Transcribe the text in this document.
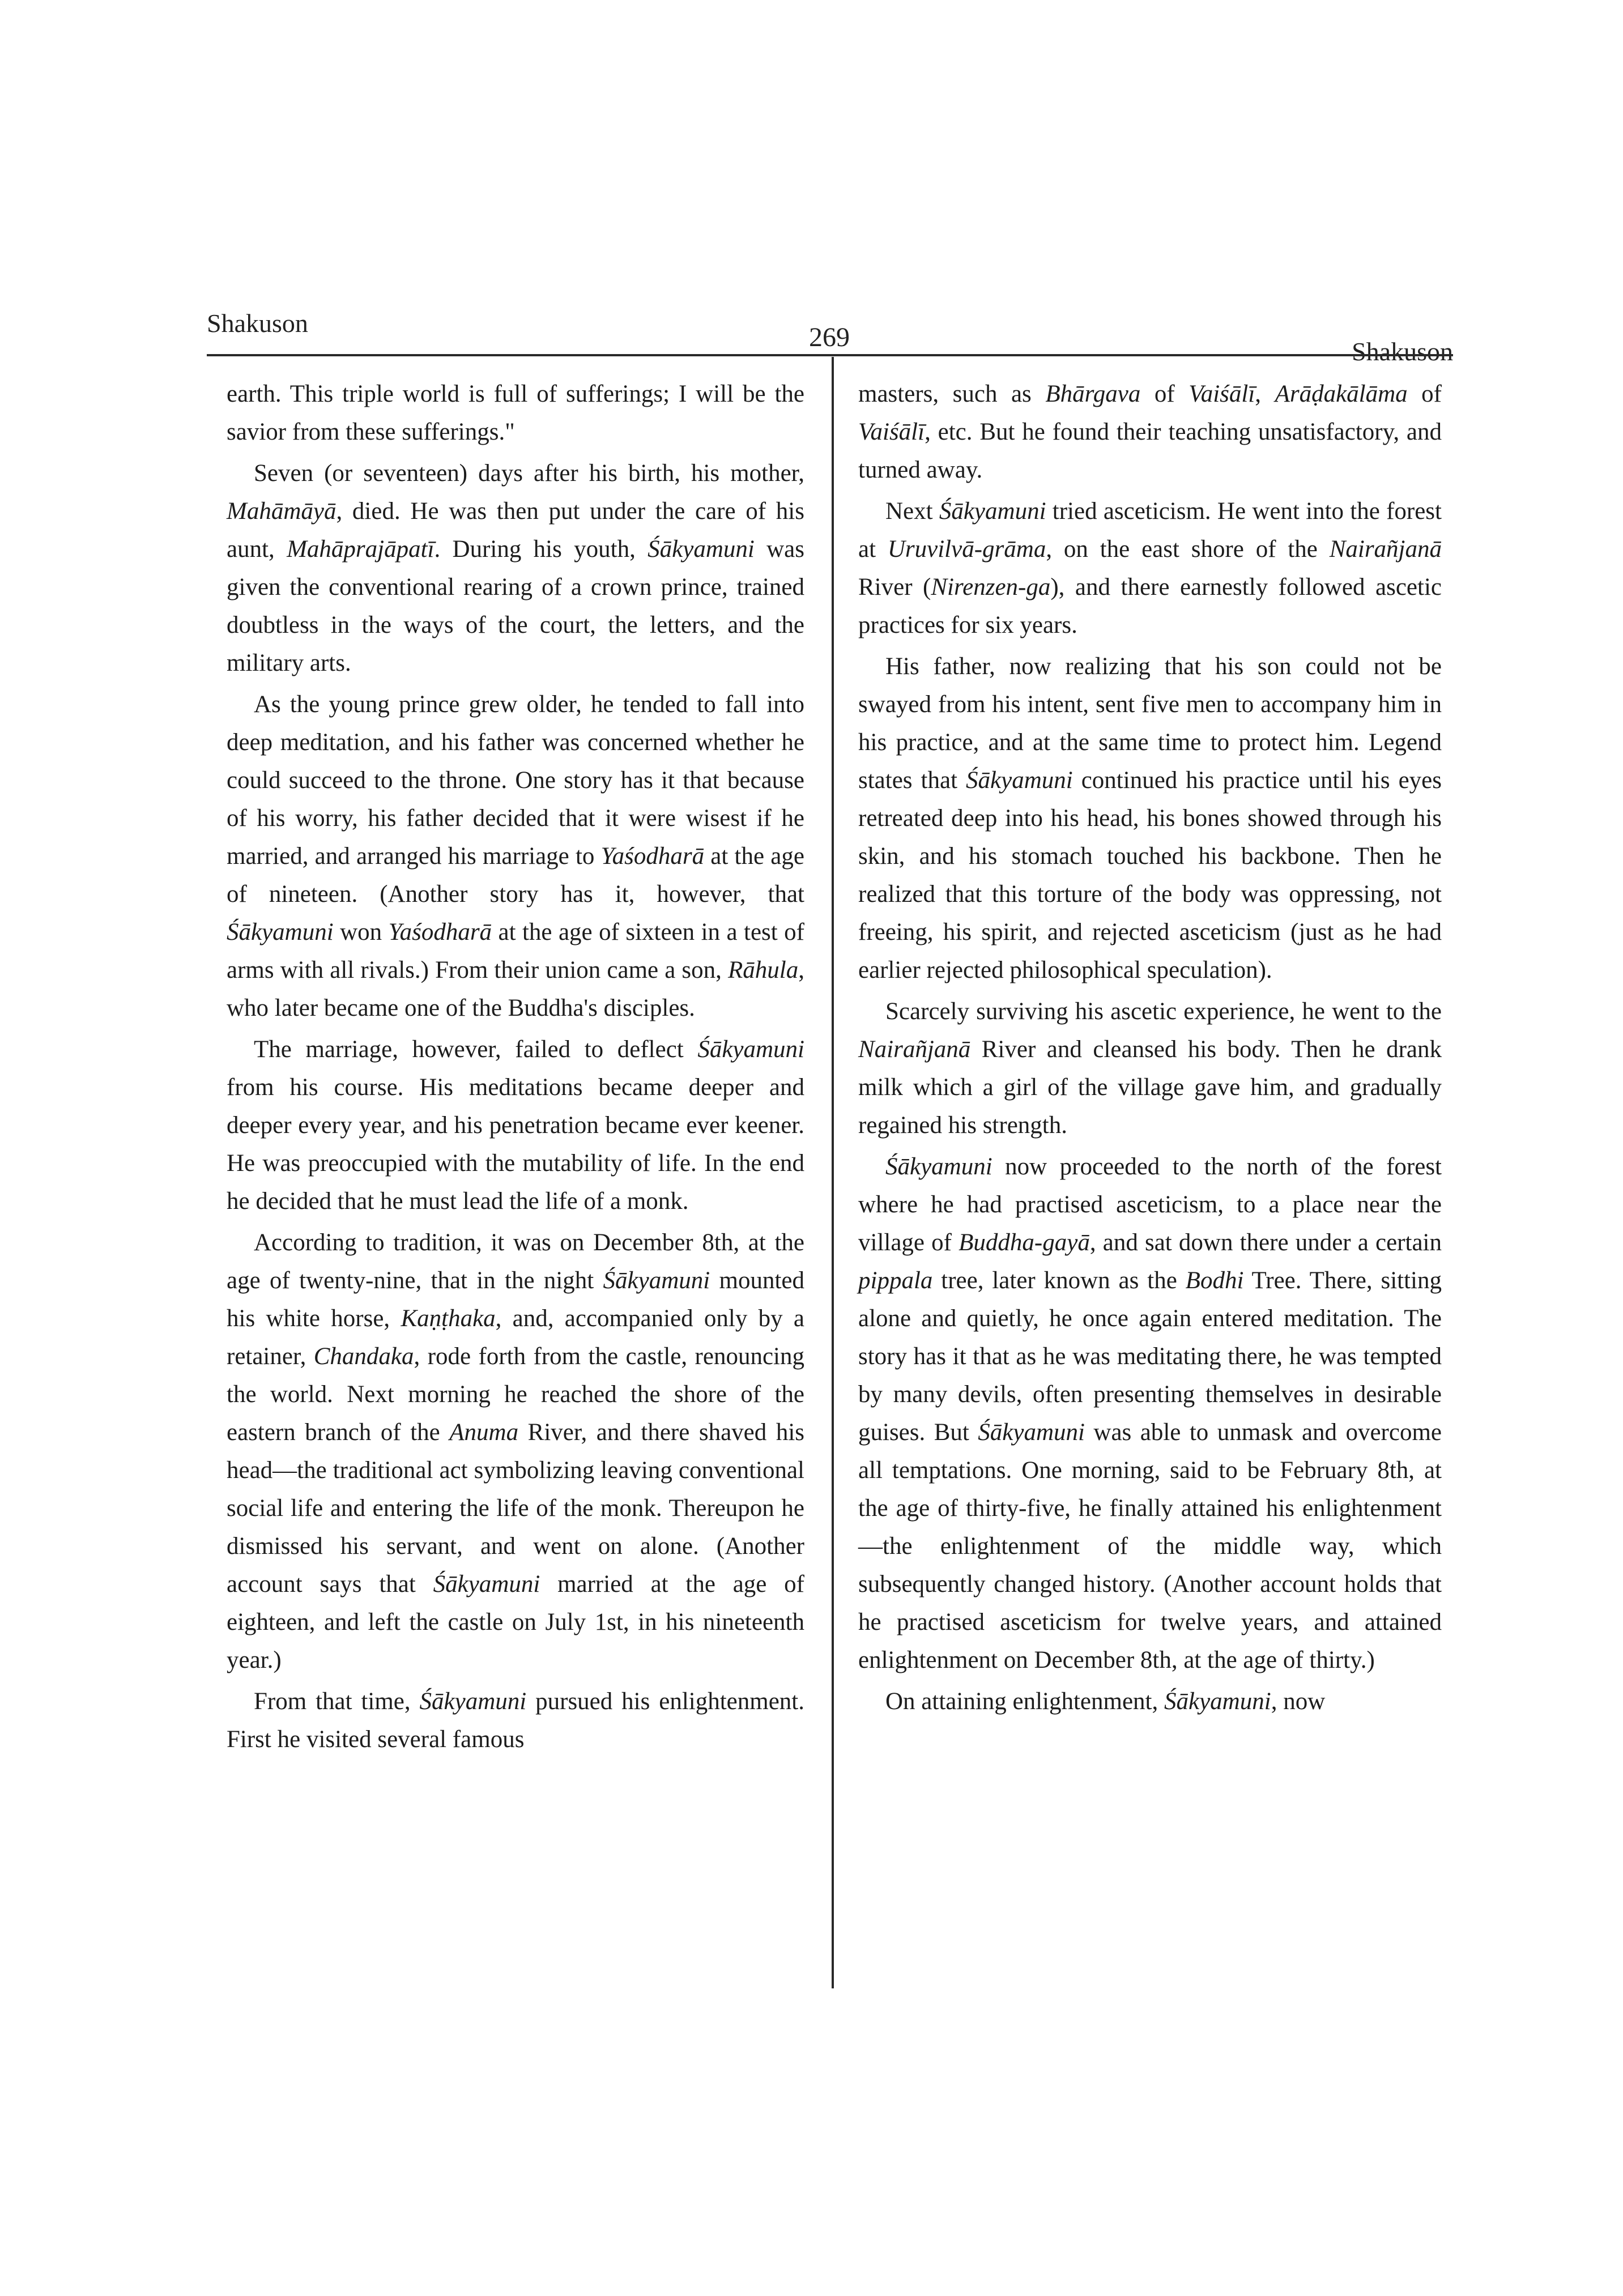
Shakuson	269	Shakuson

earth. This triple world is full of sufferings; I will be the savior from these sufferings."

Seven (or seventeen) days after his birth, his mother, Mahāmāyā, died. He was then put under the care of his aunt, Mahāprajāpatī. During his youth, Śākyamuni was given the conventional rearing of a crown prince, trained doubtless in the ways of the court, the letters, and the military arts.

As the young prince grew older, he tended to fall into deep meditation, and his father was concerned whether he could succeed to the throne. One story has it that because of his worry, his father decided that it were wisest if he married, and arranged his marriage to Yaśodharā at the age of nineteen. (Another story has it, however, that Śākyamuni won Yaśodharā at the age of sixteen in a test of arms with all rivals.) From their union came a son, Rāhula, who later became one of the Buddha's disciples.

The marriage, however, failed to deflect Śākyamuni from his course. His meditations became deeper and deeper every year, and his penetration became ever keener. He was preoccupied with the mutability of life. In the end he decided that he must lead the life of a monk.

According to tradition, it was on December 8th, at the age of twenty-nine, that in the night Śākyamuni mounted his white horse, Kaṇṭhaka, and, accompanied only by a retainer, Chandaka, rode forth from the castle, renouncing the world. Next morning he reached the shore of the eastern branch of the Anuma River, and there shaved his head—the traditional act symbolizing leaving conventional social life and entering the life of the monk. Thereupon he dismissed his servant, and went on alone. (Another account says that Śākyamuni married at the age of eighteen, and left the castle on July 1st, in his nineteenth year.)

From that time, Śākyamuni pursued his enlightenment. First he visited several famous

masters, such as Bhārgava of Vaiśālī, Arāḍakālāma of Vaiśālī, etc. But he found their teaching unsatisfactory, and turned away.

Next Śākyamuni tried asceticism. He went into the forest at Uruvilvā-grāma, on the east shore of the Nairañjanā River (Nirenzen-ga), and there earnestly followed ascetic practices for six years.

His father, now realizing that his son could not be swayed from his intent, sent five men to accompany him in his practice, and at the same time to protect him. Legend states that Śākyamuni continued his practice until his eyes retreated deep into his head, his bones showed through his skin, and his stomach touched his backbone. Then he realized that this torture of the body was oppressing, not freeing, his spirit, and rejected asceticism (just as he had earlier rejected philosophical speculation).

Scarcely surviving his ascetic experience, he went to the Nairañjanā River and cleansed his body. Then he drank milk which a girl of the village gave him, and gradually regained his strength.

Śākyamuni now proceeded to the north of the forest where he had practised asceticism, to a place near the village of Buddha-gayā, and sat down there under a certain pippala tree, later known as the Bodhi Tree. There, sitting alone and quietly, he once again entered meditation. The story has it that as he was meditating there, he was tempted by many devils, often presenting themselves in desirable guises. But Śākyamuni was able to unmask and overcome all temptations. One morning, said to be February 8th, at the age of thirty-five, he finally attained his enlightenment—the enlightenment of the middle way, which subsequently changed history. (Another account holds that he practised asceticism for twelve years, and attained enlightenment on December 8th, at the age of thirty.)

On attaining enlightenment, Śākyamuni, now
